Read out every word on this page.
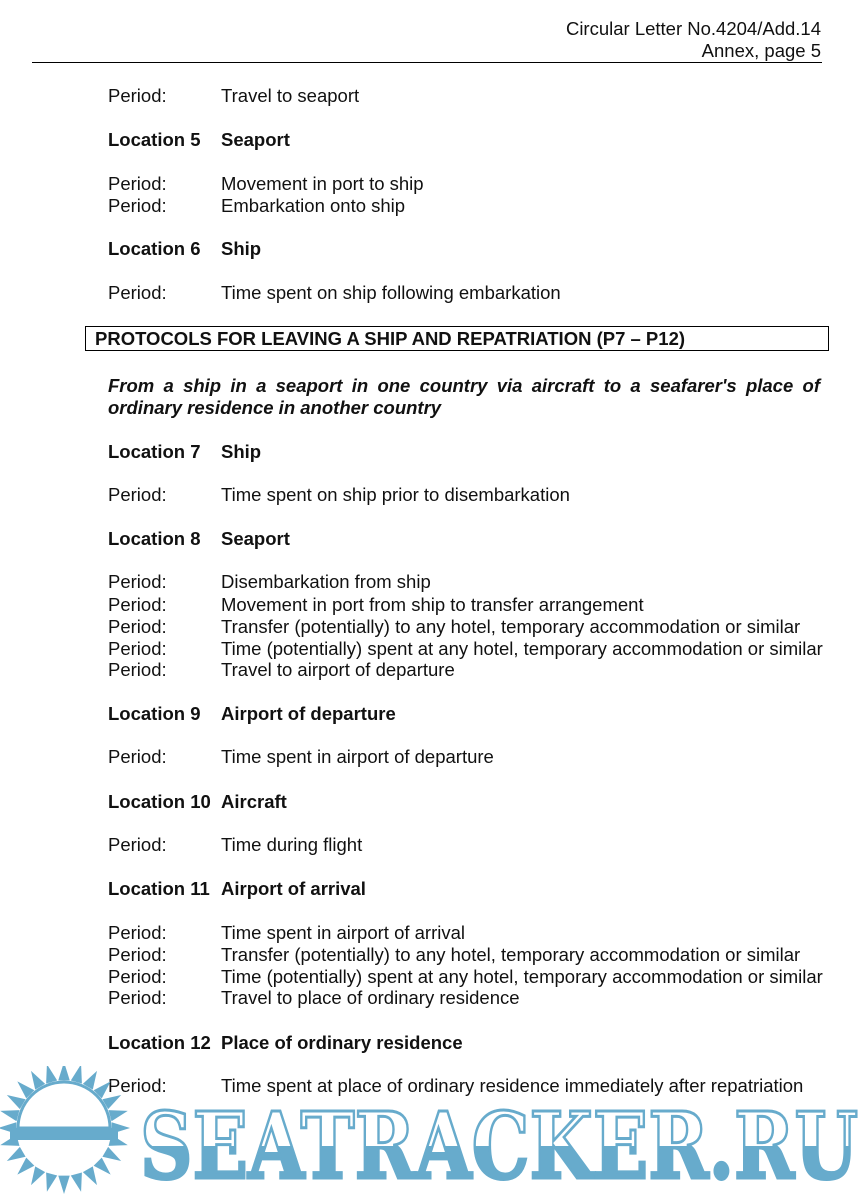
Circular Letter No.4204/Add.14
Annex, page 5
Period:	Travel to seaport
Location 5 Seaport
Period:	Movement in port to ship
Period:	Embarkation onto ship
Location 6 Ship
Period:	Time spent on ship following embarkation
Location 7 Ship
Period:	Time spent on ship prior to disembarkation
Location 8 Seaport
Period:	Disembarkation from ship
Period:	Movement in port from ship to transfer arrangement
Period:	Transfer (potentially) to any hotel, temporary accommodation or similar
Period:	Time (potentially) spent at any hotel, temporary accommodation or similar
Period:	Travel to airport of departure
Location 9 Airport of departure
Period:	Time spent in airport of departure
Location 10 Aircraft
Period:	Time during flight
Location 11 Airport of arrival
Period:	Time spent in airport of arrival
Period:	Transfer (potentially) to any hotel, temporary accommodation or similar
Period:	Time (potentially) spent at any hotel, temporary accommodation or similar
Period:	Travel to place of ordinary residence
Location 12 Place of ordinary residence
Period:	Time spent at place of ordinary residence immediately after repatriation
PROTOCOLS FOR LEAVING A SHIP AND REPATRIATION (P7 – P12)
From a ship in a seaport in one country via aircraft to a seafarer's place of ordinary residence in another country
SEATRACKER.RU
